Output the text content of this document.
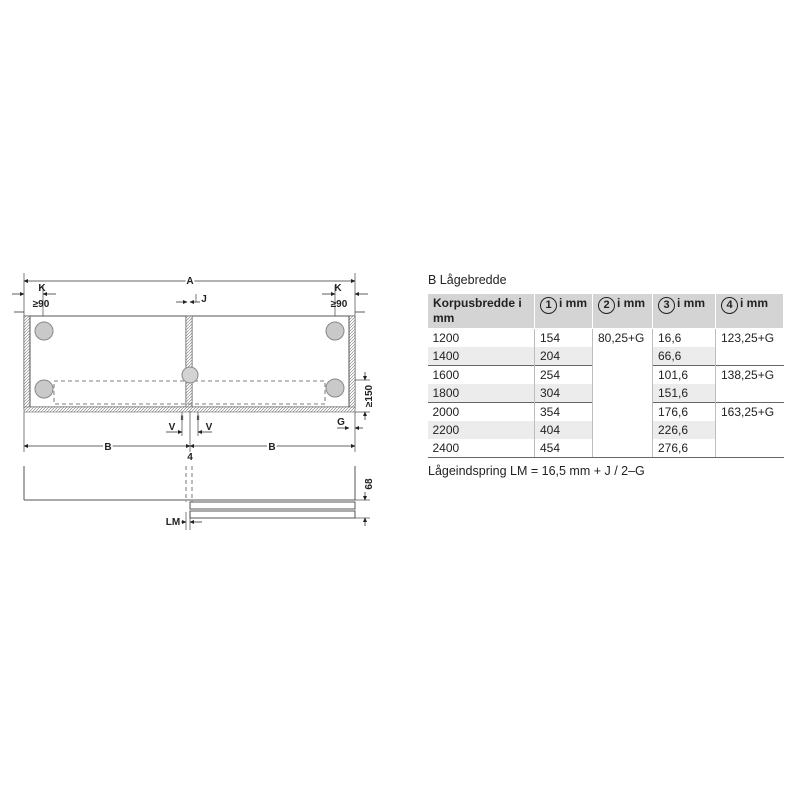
A
K	K
≥90	≥90
J
≥150
G
V	V
II II
B	B
4
68
LM
B Lågebredde
Korpusbredde i mm	1 i mm	2 i mm	3 i mm	4 i mm
1200	154	80,25+G	16,6	123,25+G
1400	204		66,6	
1600	254		101,6	138,25+G
1800	304		151,6	
2000	354		176,6	163,25+G
2200	404		226,6	
2400	454		276,6	
Lågeindspring LM = 16,5 mm + J / 2–G
